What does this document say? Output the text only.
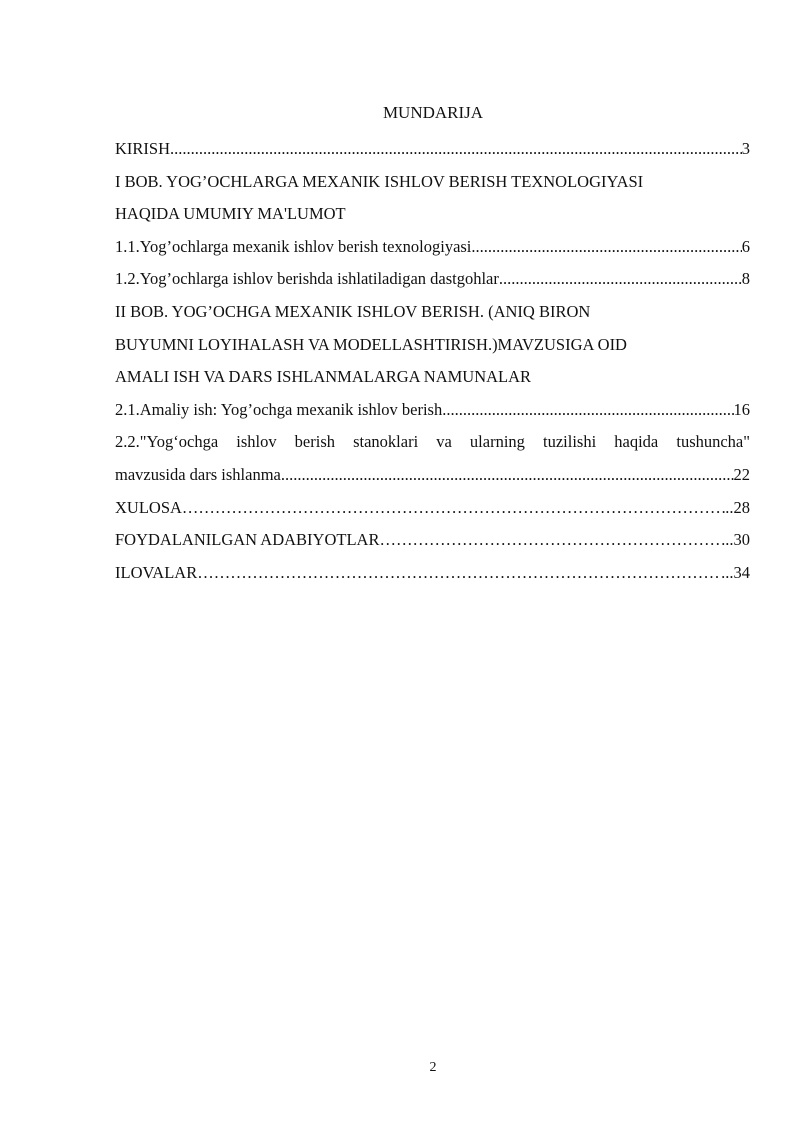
MUNDARIJA
KIRISH .....	3
I BOB. YOG’OCHLARGA MEXANIK ISHLOV BERISH TEXNOLOGIYASI
HAQIDA UMUMIY MA'LUMOT
1.1.Yog’ochlarga mexanik ishlov berish texnologiyasi .....	6
1.2.Yog’ochlarga ishlov berishda ishlatiladigan dastgohlar .....	8
II BOB. YOG’OCHGA MEXANIK ISHLOV BERISH. (ANIQ BIRON
BUYUMNI LOYIHALASH VA MODELLASHTIRISH.)MAVZUSIGA OID
AMALI ISH VA DARS ISHLANMALARGA NAMUNALAR
2.1.Amaliy ish: Yog’ochga mexanik ishlov berish .....	16
2.2."Yog‘ochga ishlov berish stanoklari va ularning tuzilishi haqida tushuncha"
mavzusida dars ishlanma .....	22
XULOSA …………………………………………………………………………………………………………………………………………………………………………	..28
FOYDALANILGAN ADABIYOTLAR …………………………………………………………………………………………………………………………………………………………………………	..30
ILOVALAR …………………………………………………………………………………………………………………………………………………………………………	...34
2
